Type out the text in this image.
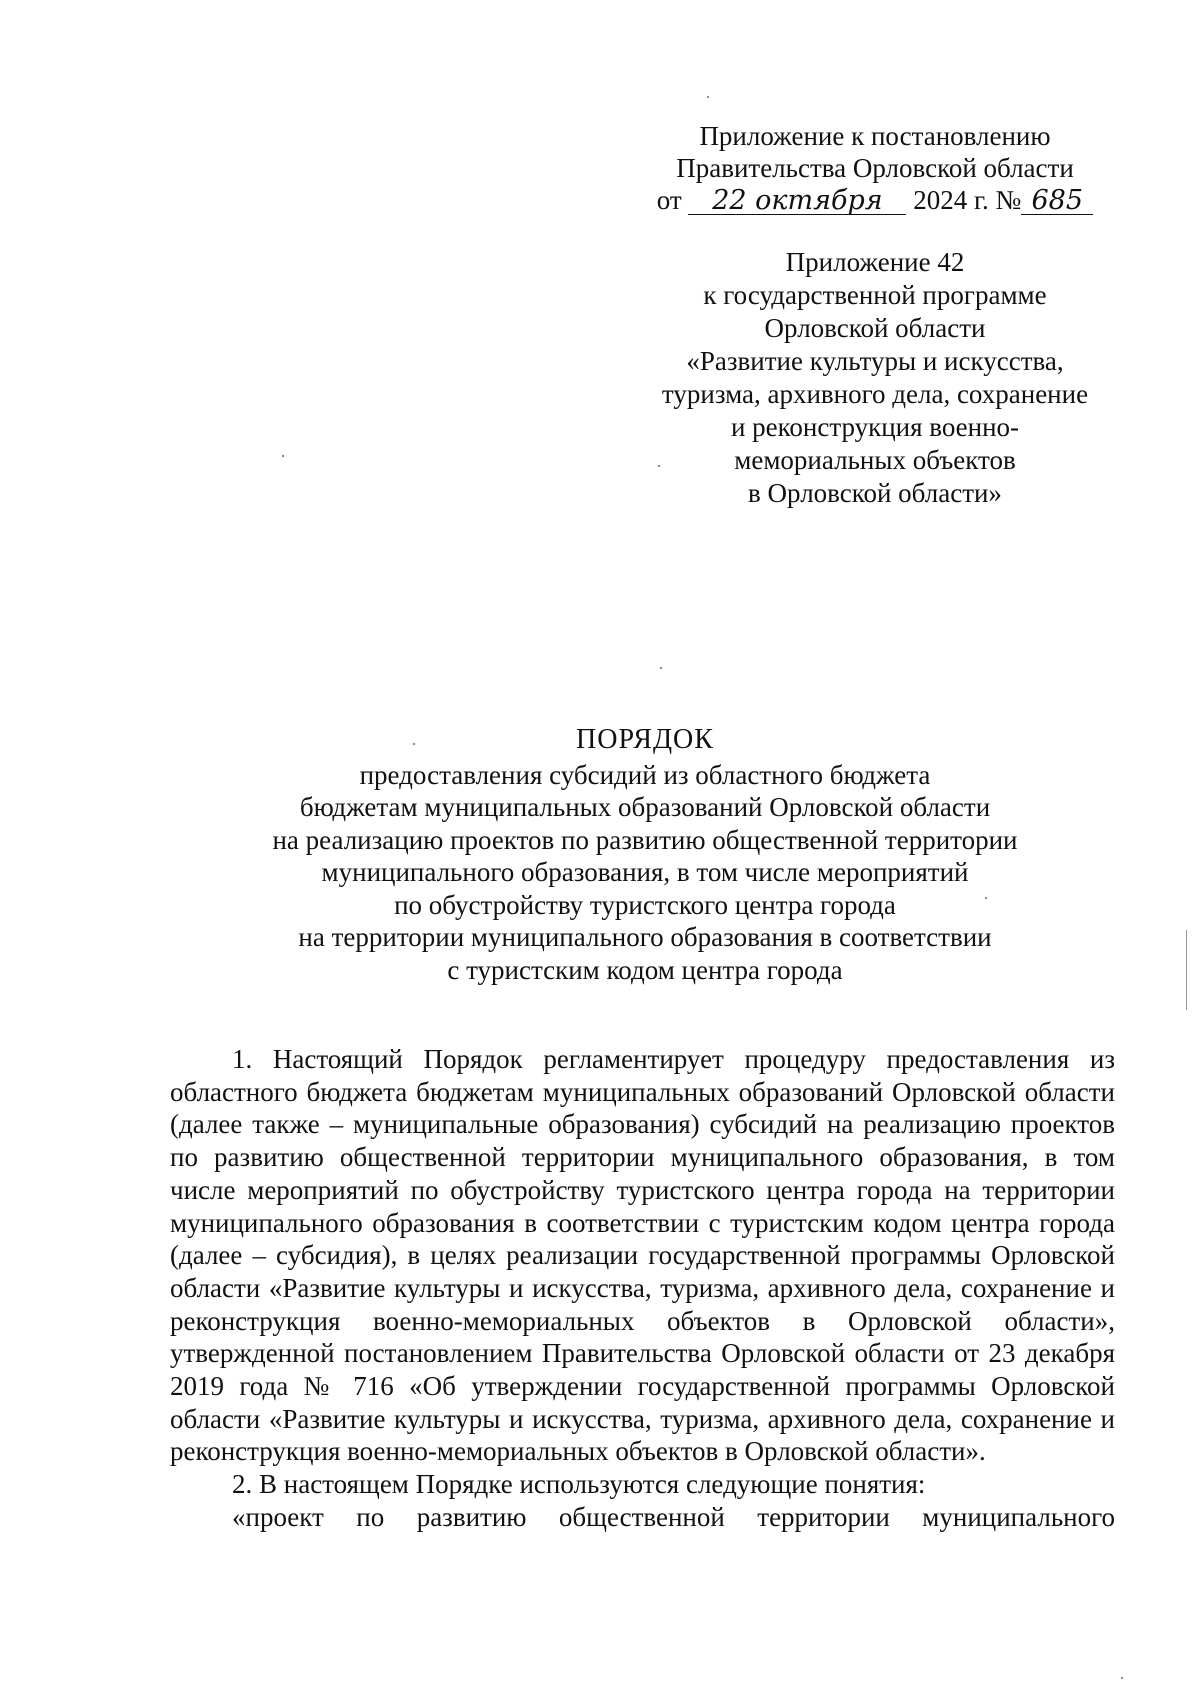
Приложение к постановлению
Правительства Орловской области
от 22 октября 2024 г. № 685
Приложение 42
к государственной программе
Орловской области
«Развитие культуры и искусства,
туризма, архивного дела, сохранение
и реконструкция военно-
мемориальных объектов
в Орловской области»
ПОРЯДОК
предоставления субсидий из областного бюджета
бюджетам муниципальных образований Орловской области
на реализацию проектов по развитию общественной территории
муниципального образования, в том числе мероприятий
по обустройству туристского центра города
на территории муниципального образования в соответствии
с туристским кодом центра города

1. Настоящий Порядок регламентирует процедуру предоставления из областного бюджета бюджетам муниципальных образований Орловской области (далее также – муниципальные образования) субсидий на реализацию проектов по развитию общественной территории муниципального образования, в том числе мероприятий по обустройству туристского центра города на территории муниципального образования в соответствии с туристским кодом центра города (далее – субсидия), в целях реализации государственной программы Орловской области «Развитие культуры и искусства, туризма, архивного дела, сохранение и реконструкция военно-мемориальных объектов в Орловской области», утвержденной постановлением Правительства Орловской области от 23 декабря 2019 года № 716 «Об утверждении государственной программы Орловской области «Развитие культуры и искусства, туризма, архивного дела, сохранение и реконструкция военно-мемориальных объектов в Орловской области».

2. В настоящем Порядке используются следующие понятия:

«проект по развитию общественной территории муниципального
